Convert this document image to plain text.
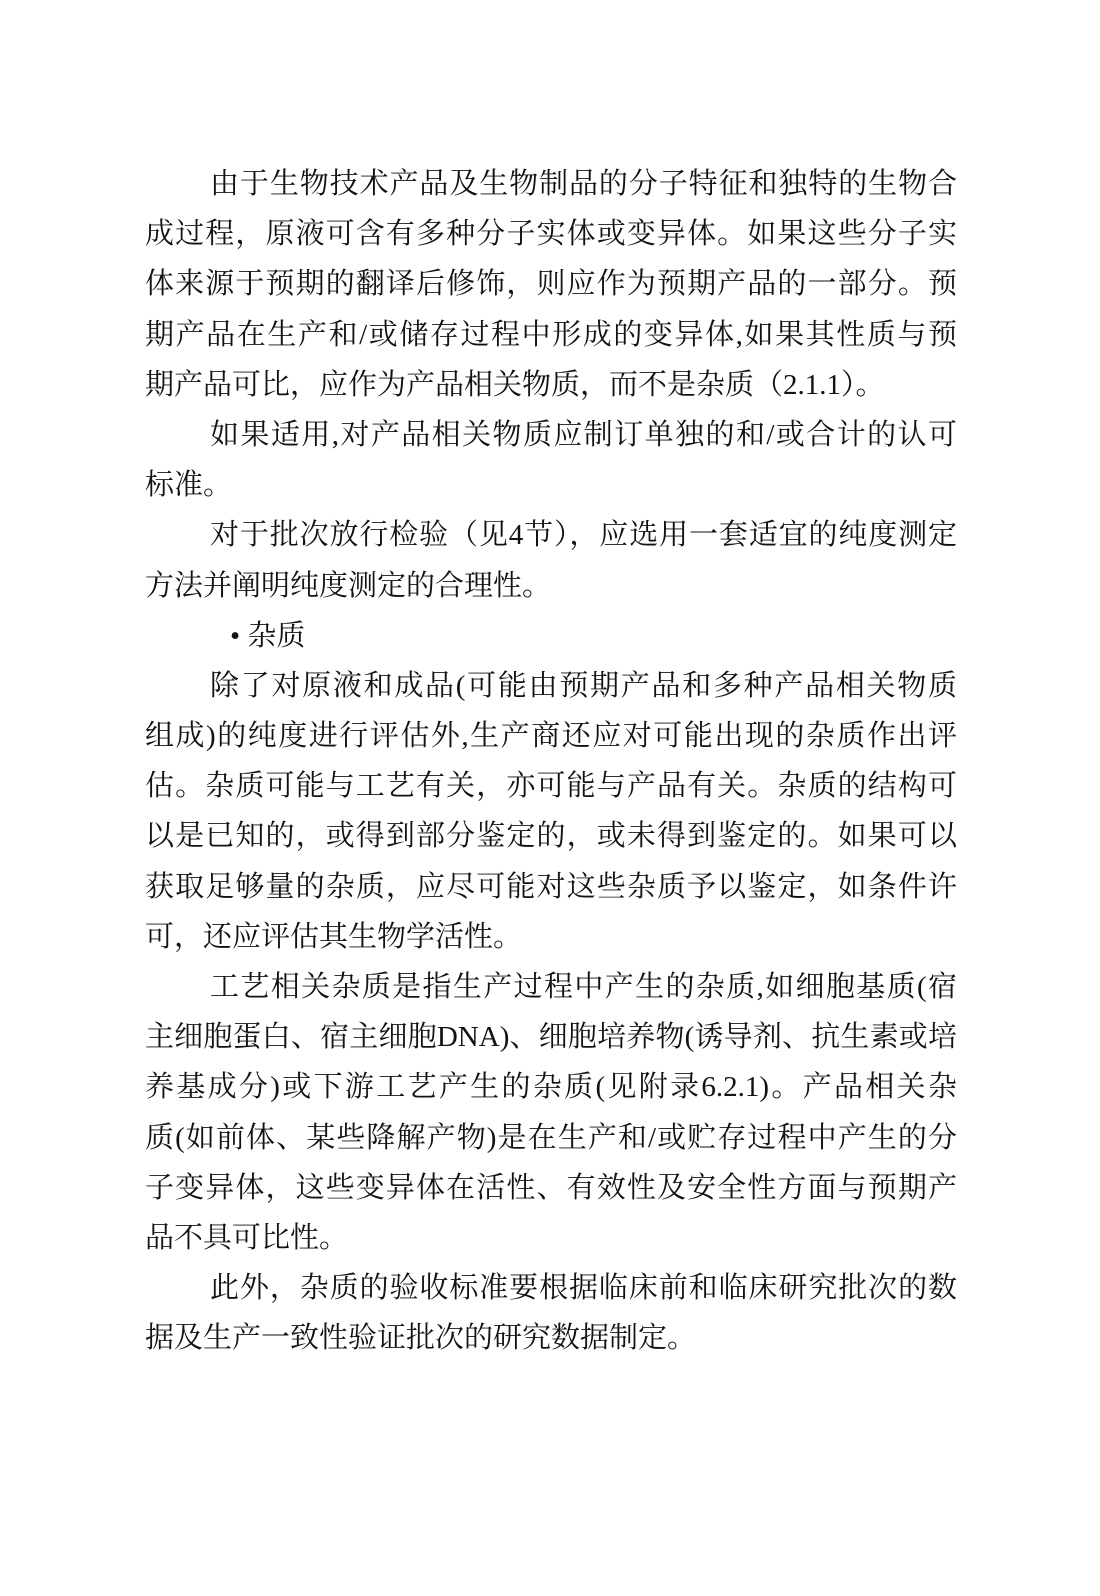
由于生物技术产品及生物制品的分子特征和独特的生物合
成过程，原液可含有多种分子实体或变异体。如果这些分子实
体来源于预期的翻译后修饰，则应作为预期产品的一部分。预
期产品在生产和/或储存过程中形成的变异体,如果其性质与预
期产品可比，应作为产品相关物质，而不是杂质（2.1.1）。
如果适用,对产品相关物质应制订单独的和/或合计的认可
标准。
对于批次放行检验（见4节），应选用一套适宜的纯度测定
方法并阐明纯度测定的合理性。
• 杂质
除了对原液和成品(可能由预期产品和多种产品相关物质
组成)的纯度进行评估外,生产商还应对可能出现的杂质作出评
估。杂质可能与工艺有关，亦可能与产品有关。杂质的结构可
以是已知的，或得到部分鉴定的，或未得到鉴定的。如果可以
获取足够量的杂质，应尽可能对这些杂质予以鉴定，如条件许
可，还应评估其生物学活性。
工艺相关杂质是指生产过程中产生的杂质,如细胞基质(宿
主细胞蛋白、宿主细胞DNA)、细胞培养物(诱导剂、抗生素或培
养基成分)或下游工艺产生的杂质(见附录6.2.1)。产品相关杂
质(如前体、某些降解产物)是在生产和/或贮存过程中产生的分
子变异体，这些变异体在活性、有效性及安全性方面与预期产
品不具可比性。
此外，杂质的验收标准要根据临床前和临床研究批次的数
据及生产一致性验证批次的研究数据制定。
